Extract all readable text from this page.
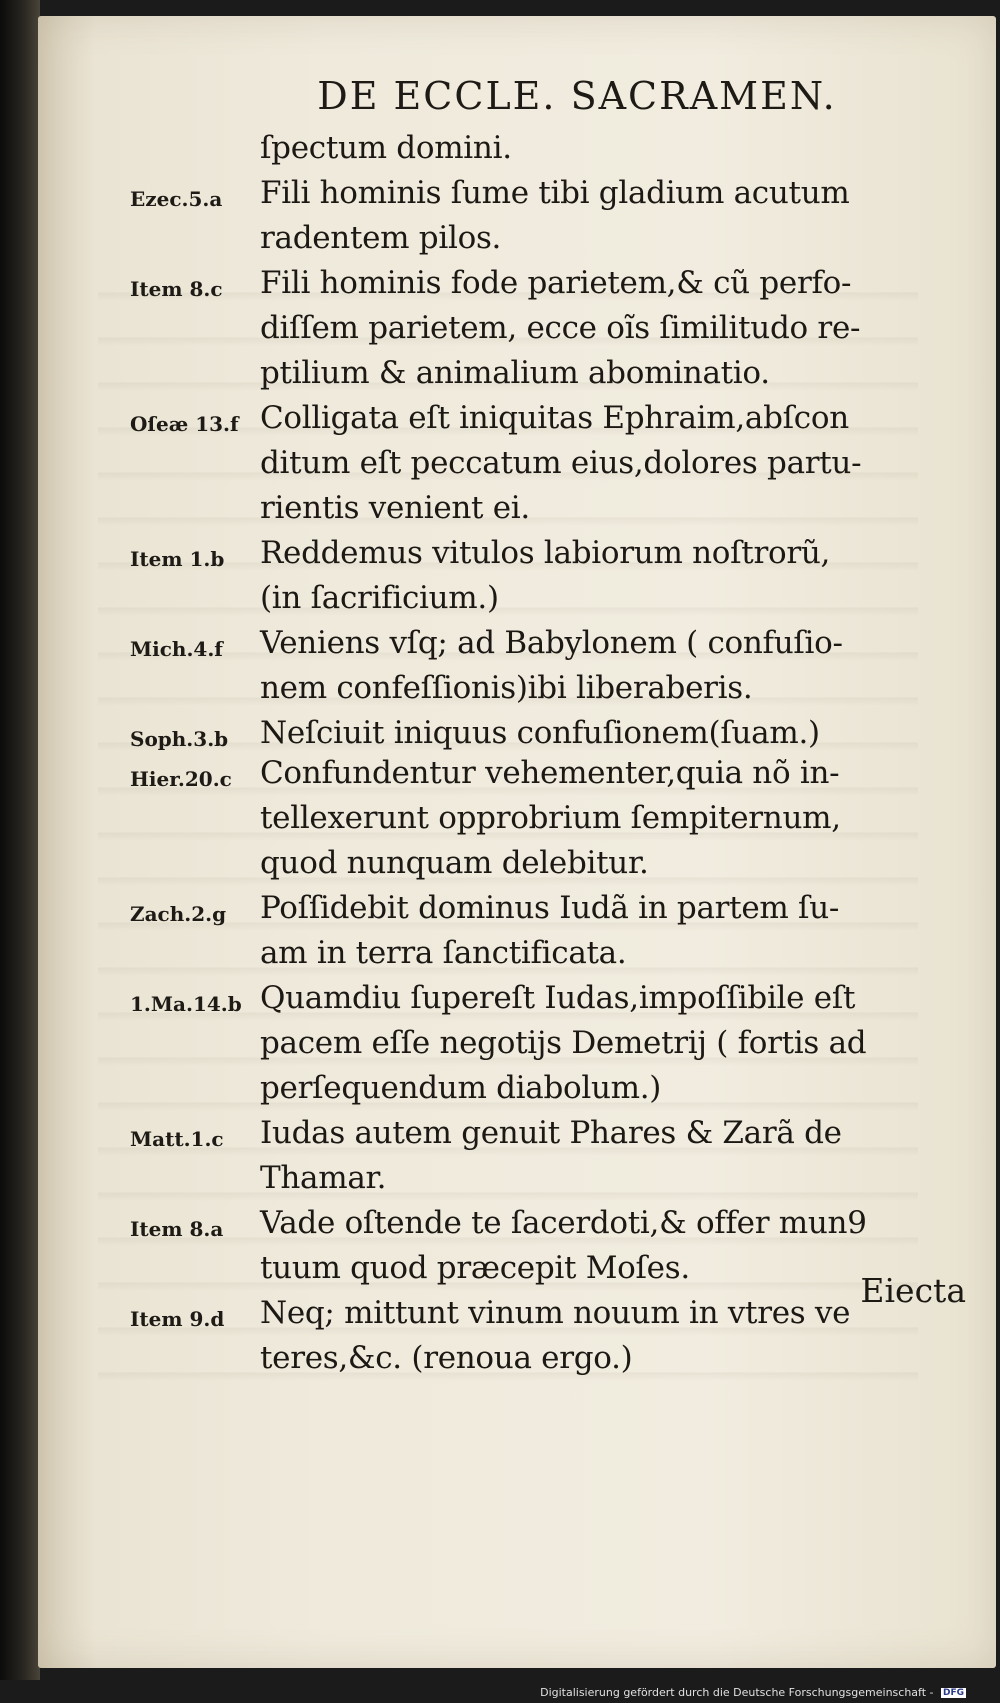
DE ECCLE. SACRAMEN.
ſpectum domini.
Ezec.5.a Fili hominis ſume tibi gladium acutum
radentem pilos.
Item 8.c Fili hominis fode parietem,& cũ perfo-
diſſem parietem, ecce oĩs ſimilitudo re-
ptilium & animalium abominatio.
Oſeæ 13.f Colligata eſt iniquitas Ephraim,abſcon
ditum eſt peccatum eius,dolores partu-
rientis venient ei.
Item 1.b Reddemus vitulos labiorum noſtrorũ,
(in ſacrificium.)
Mich.4.f Veniens vſq; ad Babylonem ( confuſio-
nem confeſſionis)ibi liberaberis.
Soph.3.b Neſciuit iniquus confuſionem(ſuam.)
Hier.20.c Confundentur vehementer,quia nõ in-
tellexerunt opprobrium ſempiternum,
quod nunquam delebitur.
Zach.2.g Poſſidebit dominus Iudã in partem ſu-
am in terra ſanctificata.
1.Ma.14.b Quamdiu ſupereſt Iudas,impoſſibile eſt
pacem eſſe negotijs Demetrij ( fortis ad
perſequendum diabolum.)
Matt.1.c Iudas autem genuit Phares & Zarã de
Thamar.
Item 8.a Vade oſtende te ſacerdoti,& offer mun9
tuum quod præcepit Moſes.
Item 9.d Neq; mittunt vinum nouum in vtres ve
teres,&c. (renoua ergo.)
Eiecta
Digitalisierung gefördert durch die Deutsche Forschungsgemeinschaft - DFG
